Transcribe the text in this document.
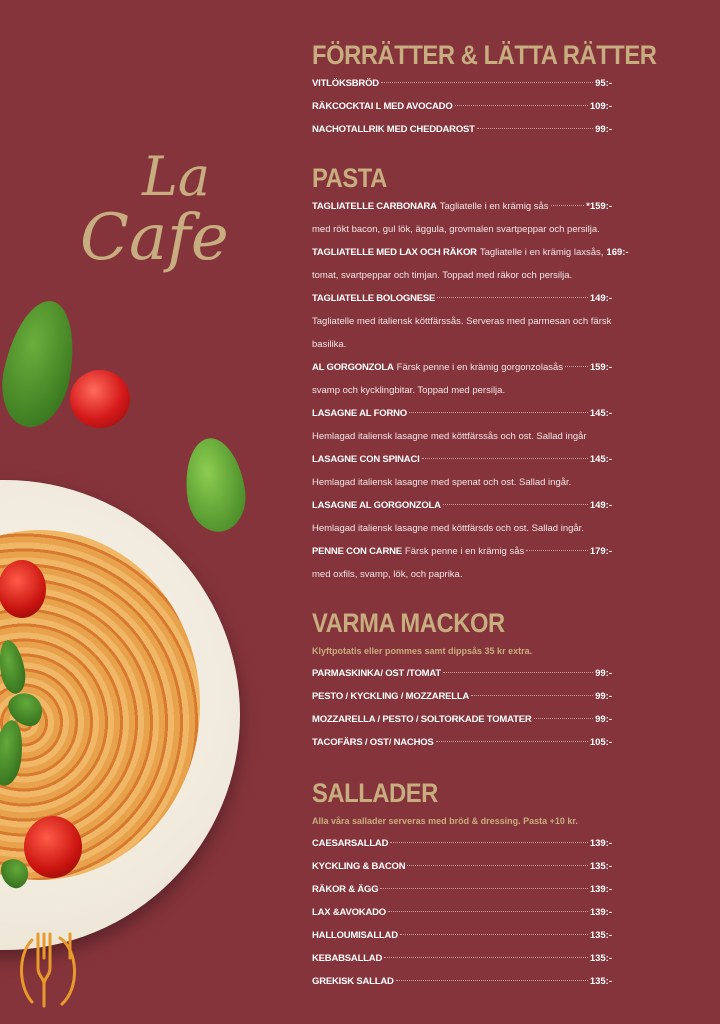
La
Cafe
FÖRRÄTTER & LÄTTA RÄTTER
VITLÖKSBRÖD	95:-
RÄKCOCKTAI L MED AVOCADO	109:-
NACHOTALLRIK MED CHEDDAROST	99:-
PASTA
TAGLIATELLE CARBONARA Tagliatelle i en krämig sås	*159:-
med rökt bacon, gul lök, äggula, grovmalen svartpeppar och persilja.
TAGLIATELLE MED LAX OCH RÄKOR Tagliatelle i en krämig laxsås, 169:-
tomat, svartpeppar och timjan. Toppad med räkor och persilja.
TAGLIATELLE BOLOGNESE	149:-
Tagliatelle med italiensk köttfärssås. Serveras med parmesan och färsk
basilika.
AL GORGONZOLA Färsk penne i en krämig gorgonzolasås	159:-
svamp och kycklingbitar. Toppad med persilja.
LASAGNE AL FORNO	145:-
Hemlagad italiensk lasagne med köttfärssås och ost. Sallad ingår
LASAGNE CON SPINACI	145:-
Hemlagad italiensk lasagne med spenat och ost. Sallad ingår.
LASAGNE AL GORGONZOLA	149:-
Hemlagad italiensk lasagne med köttfärsds och ost. Sallad ingår.
PENNE CON CARNE Färsk penne i en krämig sås	179:-
med oxfils, svamp, lök, och paprika.
VARMA MACKOR
Klyftpotatis eller pommes samt dippsås 35 kr extra.
PARMASKINKA/ OST /TOMAT	99:-
PESTO / KYCKLING / MOZZARELLA	99:-
MOZZARELLA / PESTO / SOLTORKADE TOMATER	99:-
TACOFÄRS / OST/ NACHOS	105:-
SALLADER
Alla våra sallader serveras med bröd & dressing. Pasta +10 kr.
CAESARSALLAD	139:-
KYCKLING & BACON	135:-
RÄKOR & ÄGG	139:-
LAX &AVOKADO	139:-
HALLOUMISALLAD	135:-
KEBABSALLAD	135:-
GREKISK SALLAD	135:-
